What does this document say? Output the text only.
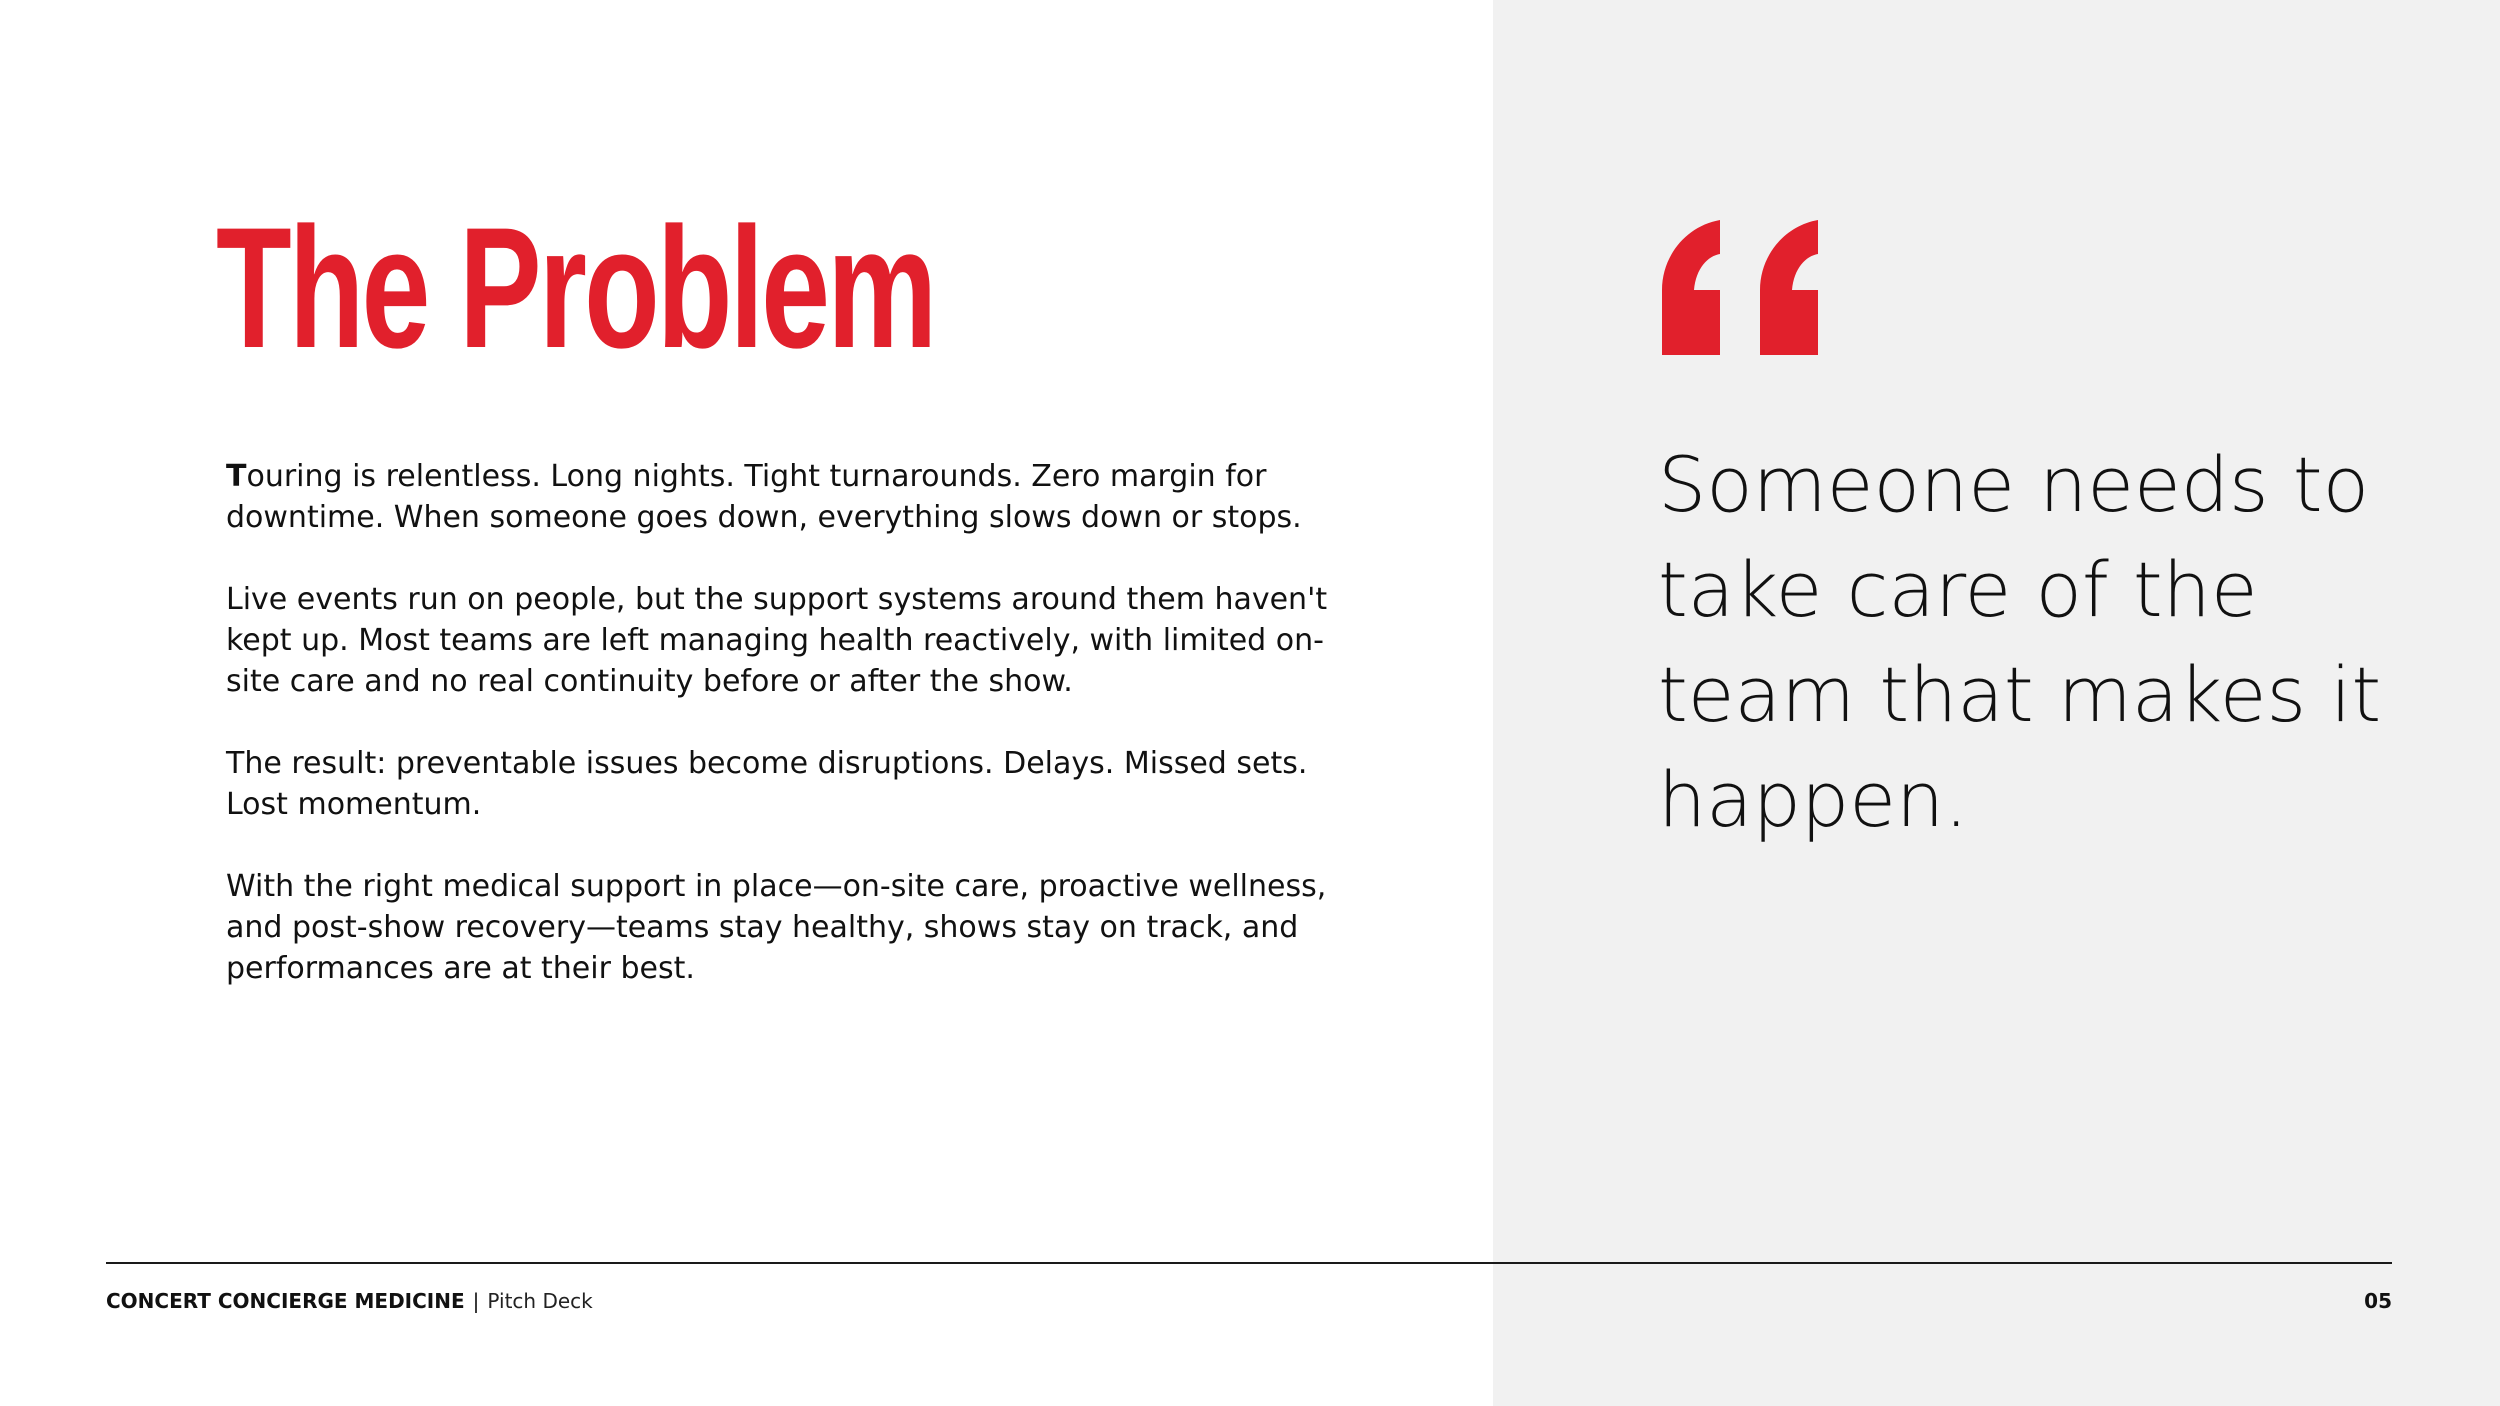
The Problem

Touring is relentless. Long nights. Tight turnarounds. Zero margin for downtime. When someone goes down, everything slows down or stops.

Live events run on people, but the support systems around them haven't kept up. Most teams are left managing health reactively, with limited on-site care and no real continuity before or after the show.

The result: preventable issues become disruptions. Delays. Missed sets. Lost momentum.

With the right medical support in place—on-site care, proactive wellness, and post-show recovery—teams stay healthy, shows stay on track, and performances are at their best.

Someone needs to take care of the team that makes it happen.
CONCERT CONCIERGE MEDICINE | Pitch Deck	05
